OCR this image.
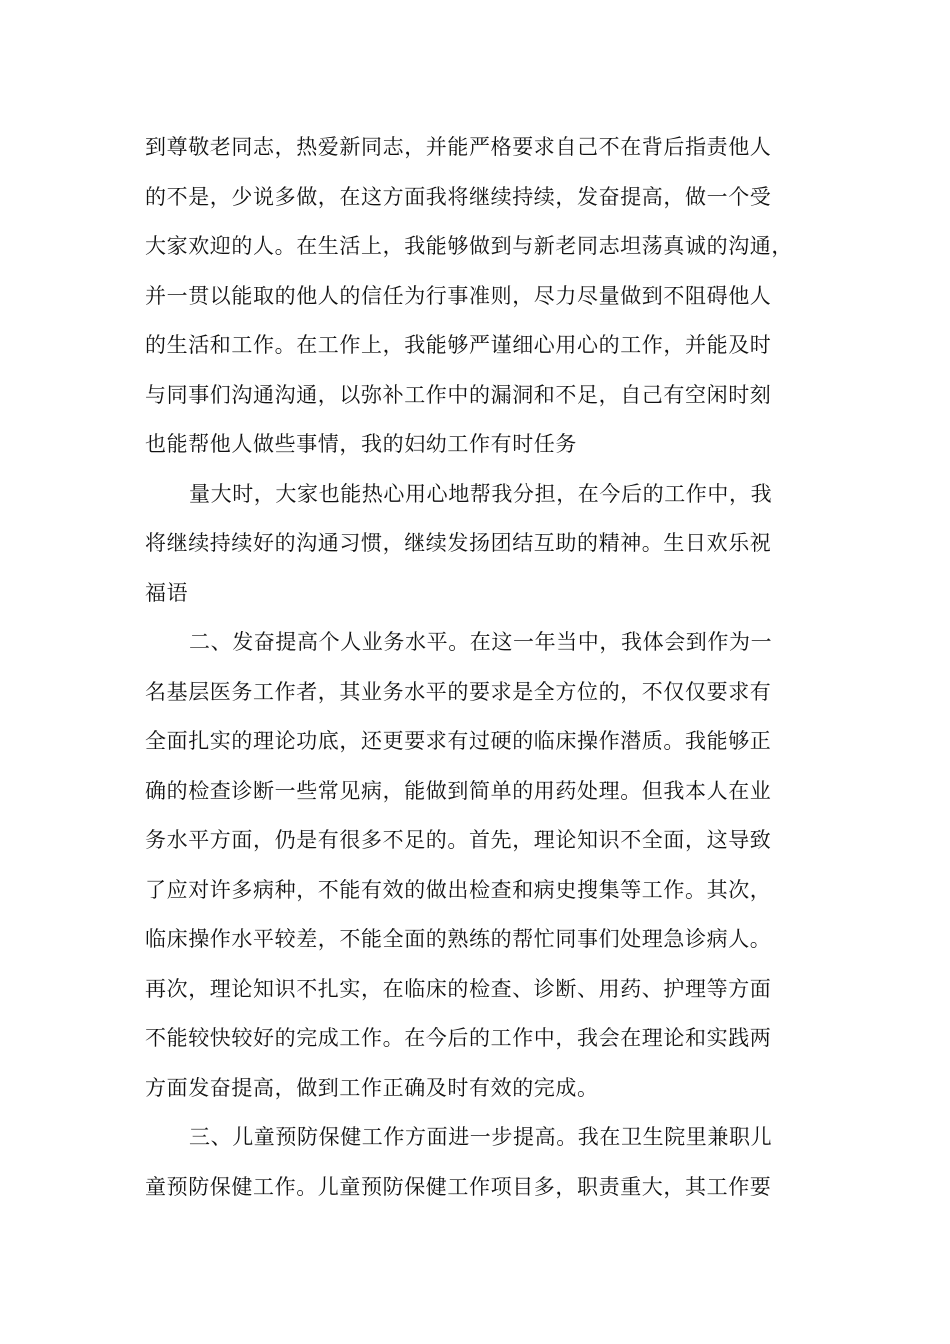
到尊敬老同志，热爱新同志，并能严格要求自己不在背后指责他人
的不是，少说多做，在这方面我将继续持续，发奋提高，做一个受
大家欢迎的人。在生活上，我能够做到与新老同志坦荡真诚的沟通，
并一贯以能取的他人的信任为行事准则，尽力尽量做到不阻碍他人
的生活和工作。在工作上，我能够严谨细心用心的工作，并能及时
与同事们沟通沟通，以弥补工作中的漏洞和不足，自己有空闲时刻
也能帮他人做些事情，我的妇幼工作有时任务
量大时，大家也能热心用心地帮我分担，在今后的工作中，我
将继续持续好的沟通习惯，继续发扬团结互助的精神。生日欢乐祝
福语
二、发奋提高个人业务水平。在这一年当中，我体会到作为一
名基层医务工作者，其业务水平的要求是全方位的，不仅仅要求有
全面扎实的理论功底，还更要求有过硬的临床操作潜质。我能够正
确的检查诊断一些常见病，能做到简单的用药处理。但我本人在业
务水平方面，仍是有很多不足的。首先，理论知识不全面，这导致
了应对许多病种，不能有效的做出检查和病史搜集等工作。其次，
临床操作水平较差，不能全面的熟练的帮忙同事们处理急诊病人。
再次，理论知识不扎实，在临床的检查、诊断、用药、护理等方面
不能较快较好的完成工作。在今后的工作中，我会在理论和实践两
方面发奋提高，做到工作正确及时有效的完成。
三、儿童预防保健工作方面进一步提高。我在卫生院里兼职儿
童预防保健工作。儿童预防保健工作项目多，职责重大，其工作要
